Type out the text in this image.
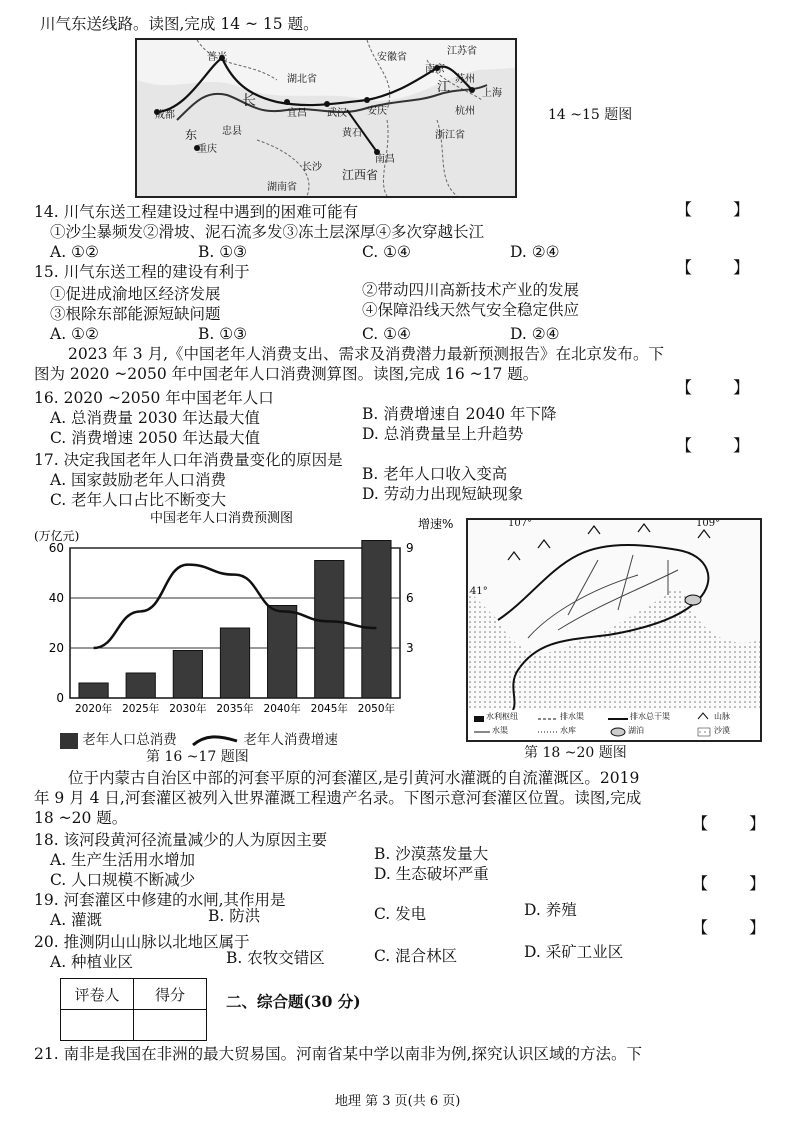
川气东送线路。读图,完成 14 ~ 15 题。
安徽省
江苏省
湖北省
南京
江
苏州
上海
杭州
浙江省
成都
重庆
忠县
宜昌 武汉 安庆
黄石
长沙
南昌
江西省
湖南省
长
东
普光
14 ~15 题图
14. 川气东送工程建设过程中遇到的困难可能有	【 】
①沙尘暴频发②滑坡、泥石流多发③冻土层深厚④多次穿越长江
A. ①②	B. ①③	C. ①④	D. ②④
15. 川气东送工程的建设有利于	【 】
①促进成渝地区经济发展	②带动四川高新技术产业的发展
③根除东部能源短缺问题	④保障沿线天然气安全稳定供应
A. ①②	B. ①③	C. ①④	D. ②④
2023 年 3 月,《中国老年人消费支出、需求及消费潜力最新预测报告》在北京发布。下
图为 2020 ~2050 年中国老年人口消费测算图。读图,完成 16 ~17 题。
16. 2020 ~2050 年中国老年人口
【 】
A. 总消费量 2030 年达最大值	B. 消费增速自 2040 年下降
C. 消费增速 2050 年达最大值	D. 总消费量呈上升趋势
17. 决定我国老年人口年消费量变化的原因是
【 】
A. 国家鼓励老年人口消费	B. 老年人口收入变高
C. 老年人口占比不断变大	D. 劳动力出现短缺现象
中国老年人口消费预测图
(万亿元)
增速%
0
20
40
60
3
6
9
2020年 2025年 2030年 2035年 2040年 2045年 2050年
老年人口总消费	老年人消费增速
第 16 ~17 题图
107°	109°
41°
水利枢纽	排水渠	排水总干渠	山脉
水渠	水库	湖泊	沙漠
第 18 ~20 题图
位于内蒙古自治区中部的河套平原的河套灌区,是引黄河水灌溉的自流灌溉区。2019
年 9 月 4 日,河套灌区被列入世界灌溉工程遗产名录。下图示意河套灌区位置。读图,完成
18 ~20 题。
18. 该河段黄河径流量减少的人为原因主要
【 】
A. 生产生活用水增加	B. 沙漠蒸发量大
C. 人口规模不断减少	D. 生态破坏严重
19. 河套灌区中修建的水闸,其作用是
【 】
A. 灌溉	B. 防洪	C. 发电	D. 养殖
20. 推测阴山山脉以北地区属于
【 】
A. 种植业区	B. 农牧交错区	C. 混合林区	D. 采矿工业区
评卷人	得分
		二、综合题(30 分)
21. 南非是我国在非洲的最大贸易国。河南省某中学以南非为例,探究认识区域的方法。下
地理 第 3 页(共 6 页)
